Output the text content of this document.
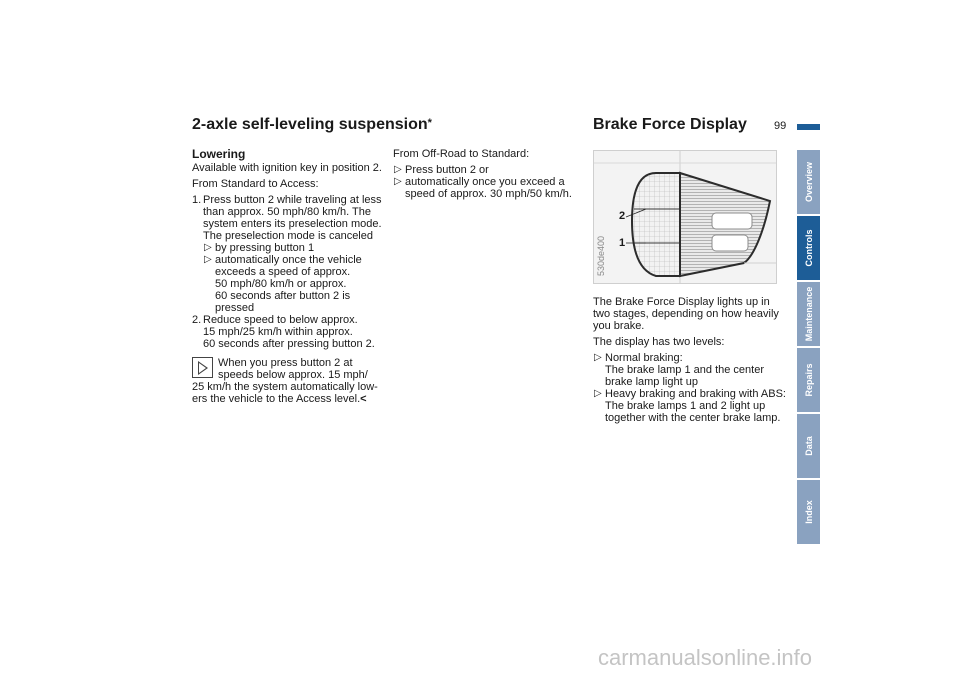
2-axle self-leveling suspension*	Brake Force Display 99
Lowering

Available with ignition key in position 2.

From Standard to Access:

1. Press button 2 while traveling at less
than approx. 50 mph/80 km/h. The
system enters its preselection mode.
The preselection mode is canceled
▷ by pressing button 1
▷ automatically once the vehicle
exceeds a speed of approx.
50 mph/80 km/h or approx.
60 seconds after button 2 is
pressed
2. Reduce speed to below approx.
15 mph/25 km/h within approx.
60 seconds after pressing button 2.
When you press button 2 at
speeds below approx. 15 mph/
25 km/h the system automatically low-
ers the vehicle to the Access level.<

From Off-Road to Standard:

▷ Press button 2 or
▷ automatically once you exceed a
speed of approx. 30 mph/50 km/h.
2
1
530de400

The Brake Force Display lights up in
two stages, depending on how heavily
you brake.

The display has two levels:

▷ Normal braking:
The brake lamp 1 and the center
brake lamp light up
▷ Heavy braking and braking with ABS:
The brake lamps 1 and 2 light up
together with the center brake lamp.
Overview
Controls
Maintenance
Repairs
Data
Index
carmanualsonline.info
